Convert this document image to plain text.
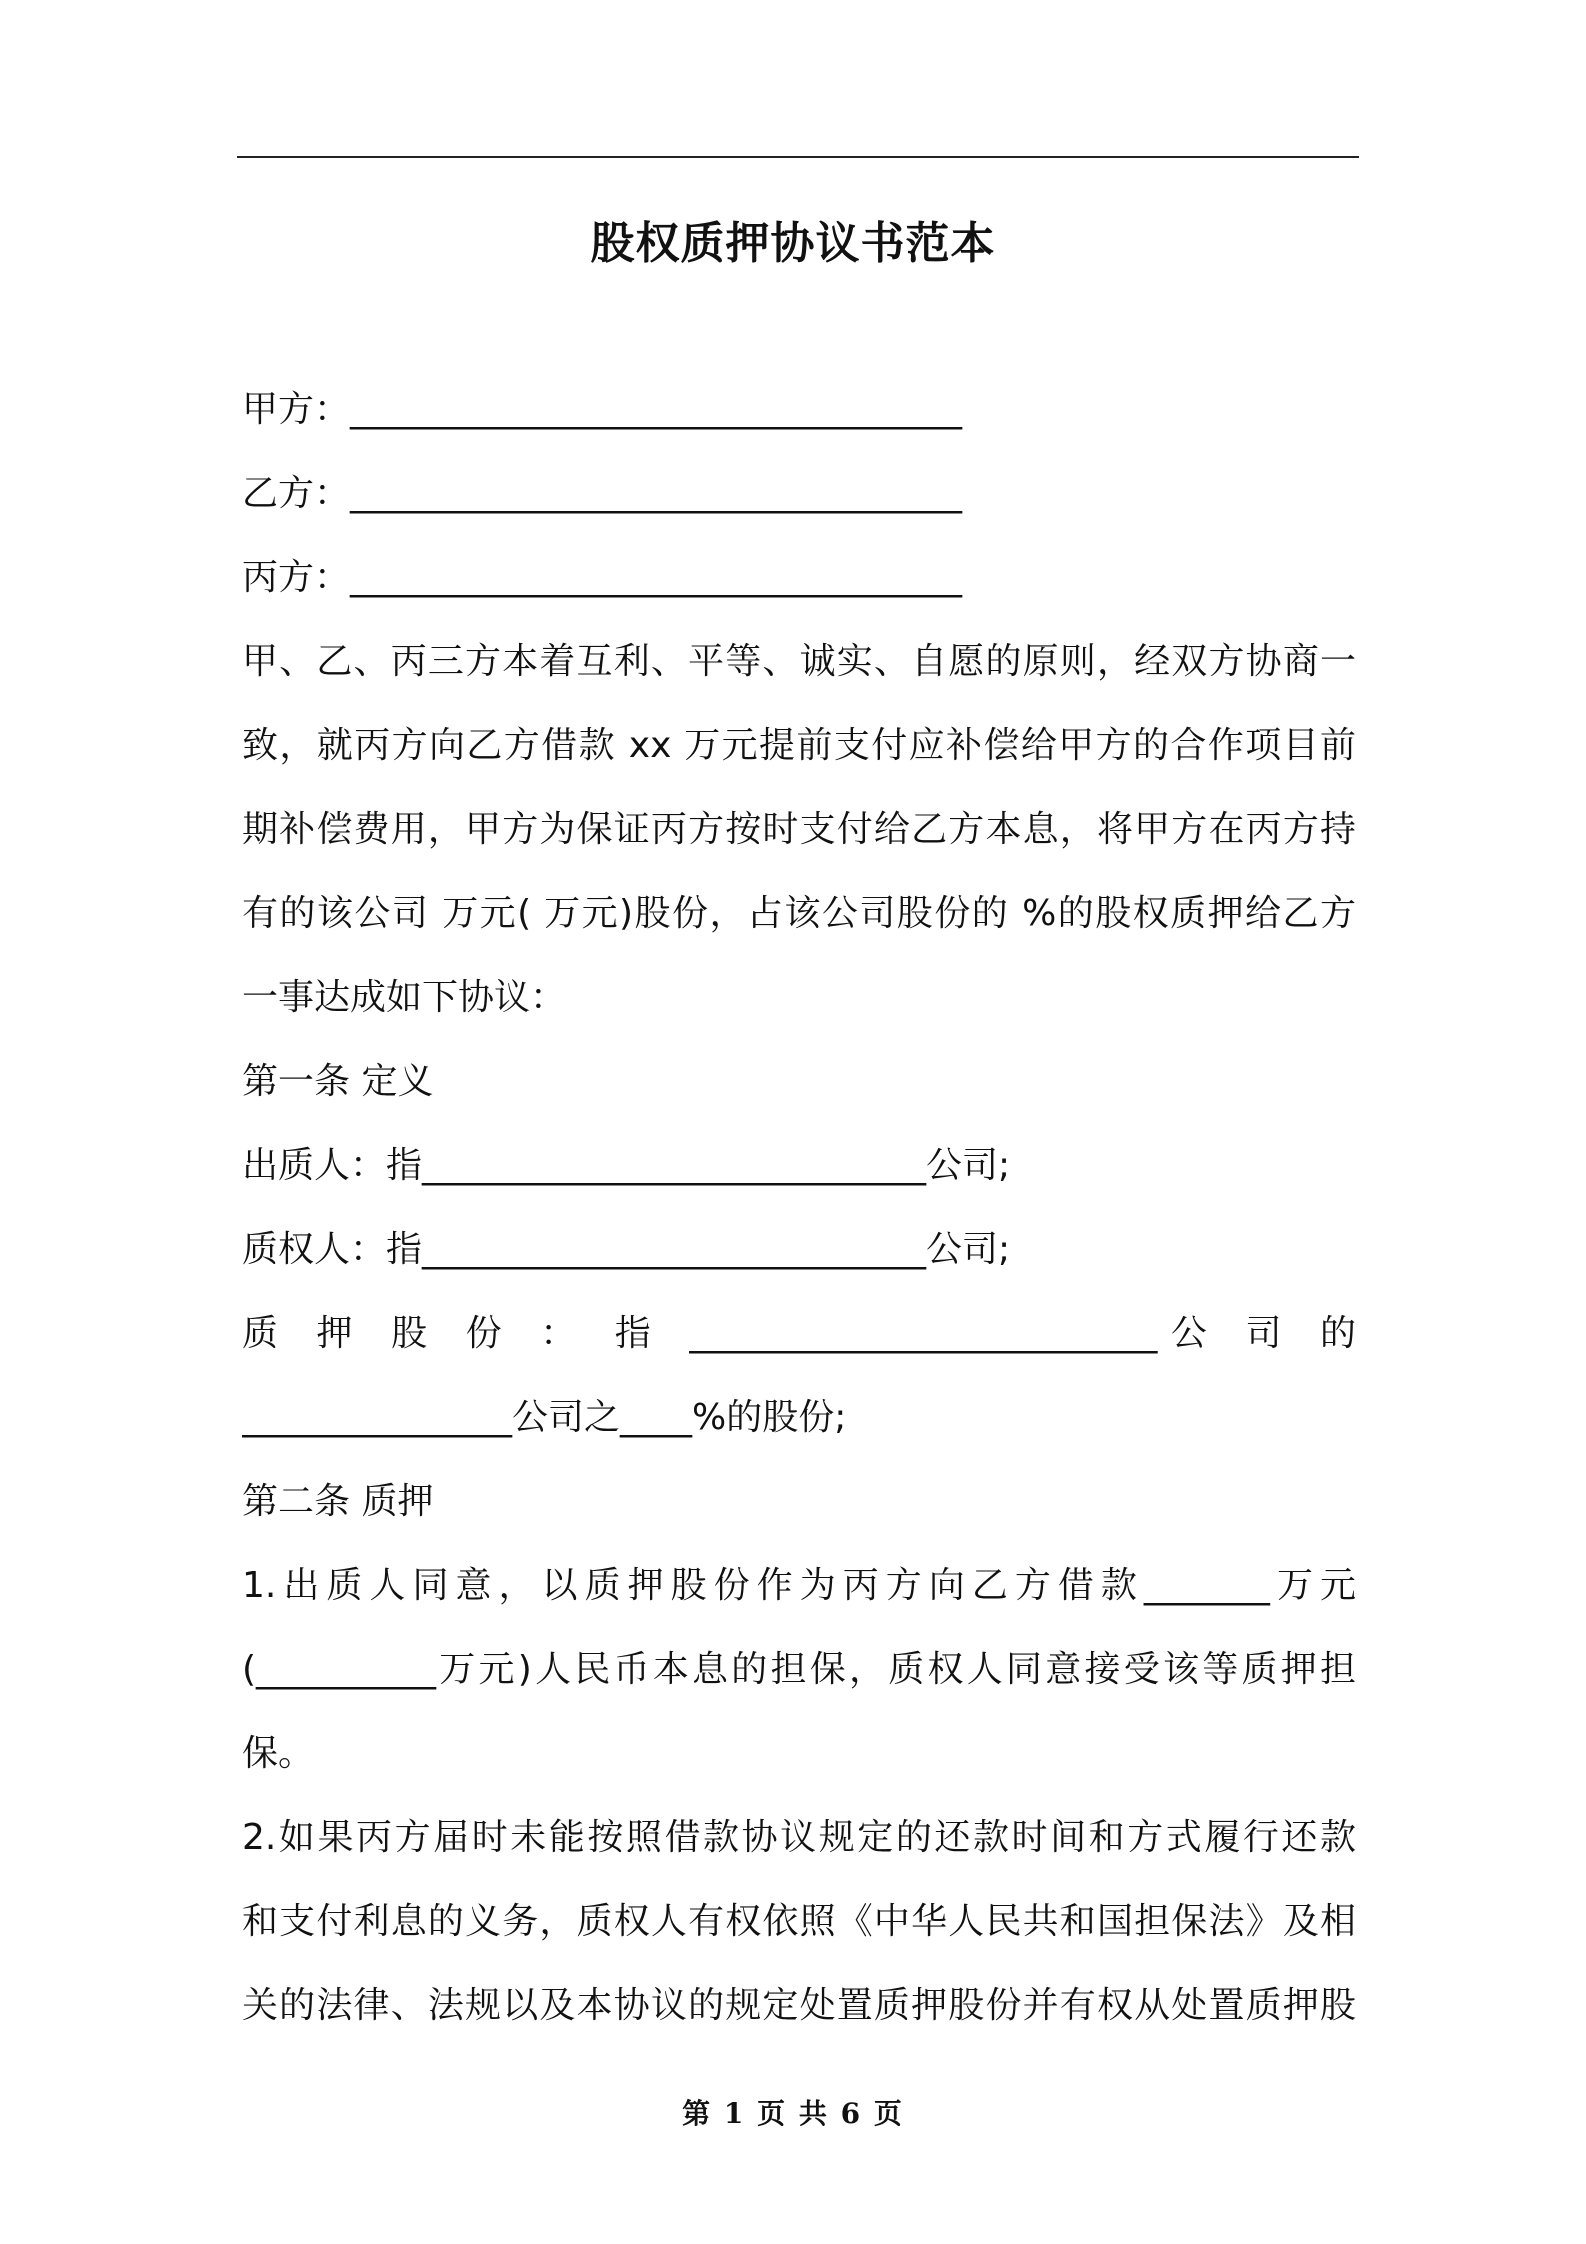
股权质押协议书范本
甲方：__________________________________
乙方：__________________________________
丙方：__________________________________
甲、乙、丙三方本着互利、平等、诚实、自愿的原则，经双方协商一
致，就丙方向乙方借款 xx 万元提前支付应补偿给甲方的合作项目前
期补偿费用，甲方为保证丙方按时支付给乙方本息，将甲方在丙方持
有的该公司 万元( 万元)股份，占该公司股份的 %的股权质押给乙方
一事达成如下协议：
第一条 定义
出质人：指____________________________公司;
质权人：指____________________________公司;
质 押 股 份 ： 指 __________________________公 司 的
_______________公司之____%的股份;
第二条 质押
1.出质人同意，以质押股份作为丙方向乙方借款_______万元
(__________万元)人民币本息的担保，质权人同意接受该等质押担
保。
2.如果丙方届时未能按照借款协议规定的还款时间和方式履行还款
和支付利息的义务，质权人有权依照《中华人民共和国担保法》及相
关的法律、法规以及本协议的规定处置质押股份并有权从处置质押股
第 1 页 共 6 页
